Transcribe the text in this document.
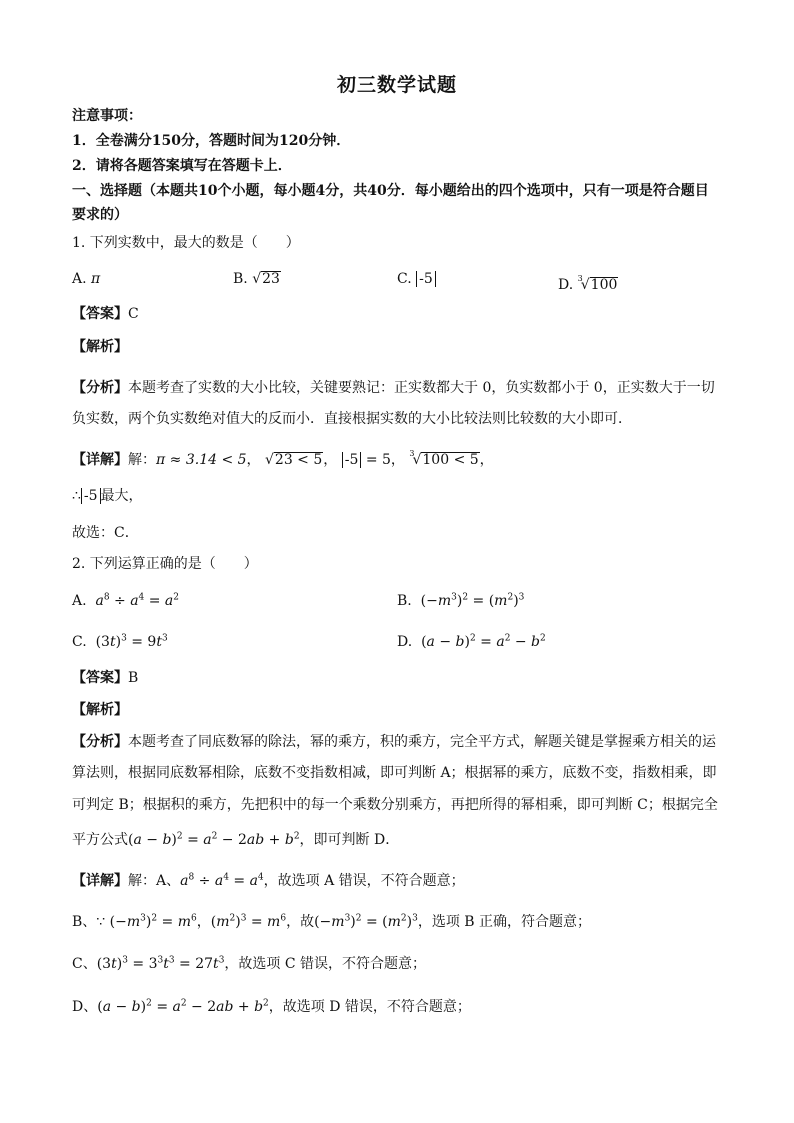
初三数学试题
注意事项：
1．全卷满分150分，答题时间为120分钟．
2．请将各题答案填写在答题卡上．
一、选择题（本题共10个小题，每小题4分，共40分．每小题给出的四个选项中，只有一项是符合题目
要求的）
1. 下列实数中，最大的数是（　　）
A. π	B. √23	C. -5	D. $^3$√100
【答案】C
【解析】
【分析】本题考查了实数的大小比较，关键要熟记：正实数都大于 0，负实数都小于 0，正实数大于一切
负实数，两个负实数绝对值大的反而小．直接根据实数的大小比较法则比较数的大小即可．
【详解】解：π ≈ 3.14 < 5， √23 < 5， -5 = 5， $^3$√100 < 5，
∴ -5 最大，
故选：C．
2. 下列运算正确的是（　　）
A.  $a^8 \div a^4 = a^2$	B.  $(-m^3)^2 = (m^2)^3$
C.  $(3t)^3 = 9t^3$	D.  $(a - b)^2 = a^2 - b^2$
【答案】B
【解析】
【分析】本题考查了同底数幂的除法，幂的乘方，积的乘方，完全平方式，解题关键是掌握乘方相关的运
算法则，根据同底数幂相除，底数不变指数相减，即可判断 A；根据幂的乘方，底数不变，指数相乘，即
可判定 B；根据积的乘方，先把积中的每一个乘数分别乘方，再把所得的幂相乘，即可判断 C；根据完全
平方公式$(a - b)^2 = a^2 - 2ab + b^2$，即可判断 D．
【详解】解：A、$a^8 \div a^4 = a^4$，故选项 A 错误，不符合题意；
B、∵ $(-m^3)^2 = m^6$，$(m^2)^3 = m^6$，故$(-m^3)^2 = (m^2)^3$，选项 B 正确，符合题意；
C、$(3t)^3 = 3^3t^3 = 27t^3$，故选项 C 错误，不符合题意；
D、$(a - b)^2 = a^2 - 2ab + b^2$，故选项 D 错误，不符合题意；
